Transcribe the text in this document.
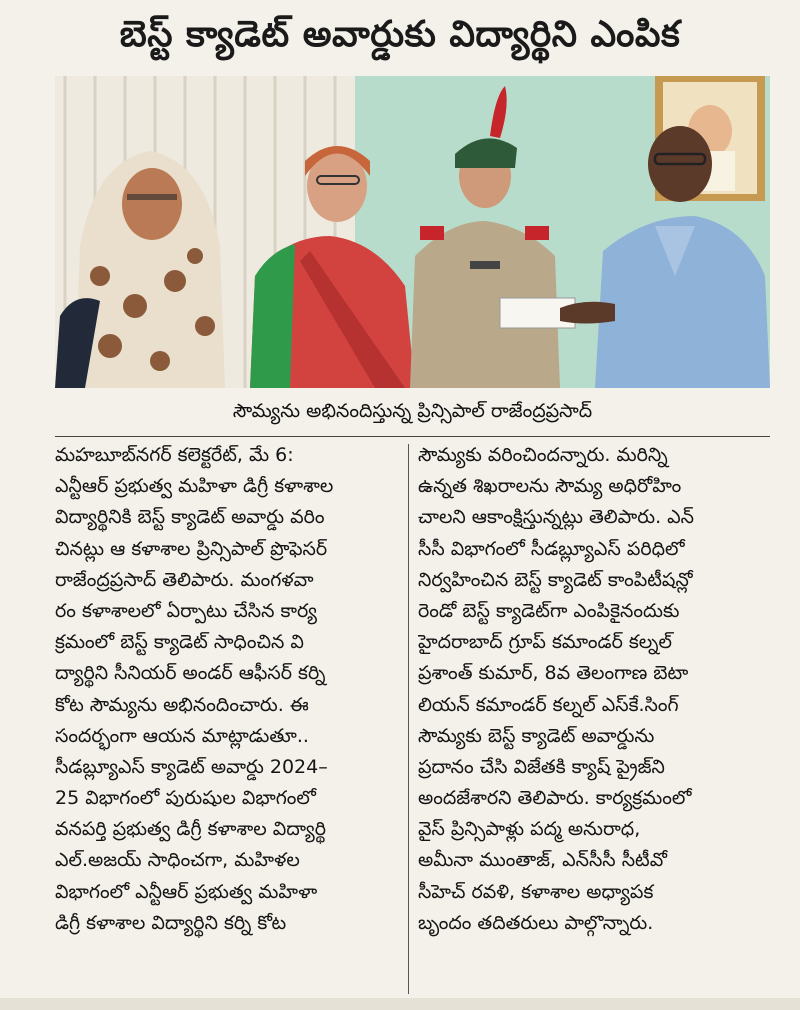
బెస్ట్ క్యాడెట్ అవార్డుకు విద్యార్థిని ఎంపిక
సౌమ్యను అభినందిస్తున్న ప్రిన్సిపాల్ రాజేంద్రప్రసాద్
మహబూబ్‌నగర్ కలెక్టరేట్, మే 6:
ఎన్టీఆర్ ప్రభుత్వ మహిళా డిగ్రీ కళాశాల
విద్యార్థినికి బెస్ట్ క్యాడెట్ అవార్డు వరిం
చినట్లు ఆ కళాశాల ప్రిన్సిపాల్ ప్రొఫెసర్
రాజేంద్రప్రసాద్ తెలిపారు. మంగళవా
రం కళాశాలలో ఏర్పాటు చేసిన కార్య
క్రమంలో బెస్ట్ క్యాడెట్ సాధించిన వి
ద్యార్థిని సీనియర్ అండర్ ఆఫీసర్ కర్ని
కోట సౌమ్యను అభినందించారు. ఈ
సందర్భంగా ఆయన మాట్లాడుతూ..
సీడబ్ల్యూఎస్ క్యాడెట్ అవార్డు 2024–
25 విభాగంలో పురుషుల విభాగంలో
వనపర్తి ప్రభుత్వ డిగ్రీ కళాశాల విద్యార్థి
ఎల్.అజయ్ సాధించగా, మహిళల
విభాగంలో ఎన్టీఆర్ ప్రభుత్వ మహిళా
డిగ్రీ కళాశాల విద్యార్థిని కర్ని కోట
సౌమ్యకు వరించిందన్నారు. మరిన్ని
ఉన్నత శిఖరాలను సౌమ్య అధిరోహిం
చాలని ఆకాంక్షిస్తున్నట్లు తెలిపారు. ఎన్
సీసీ విభాగంలో సీడబ్ల్యూఎస్ పరిధిలో
నిర్వహించిన బెస్ట్ క్యాడెట్ కాంపిటీషన్లో
రెండో బెస్ట్ క్యాడెట్‌గా ఎంపికైనందుకు
హైదరాబాద్ గ్రూప్ కమాండర్ కల్నల్
ప్రశాంత్ కుమార్, 8వ తెలంగాణ బెటా
లియన్ కమాండర్ కల్నల్ ఎస్‌కే.సింగ్
సౌమ్యకు బెస్ట్ క్యాడెట్ అవార్డును
ప్రదానం చేసి విజేతకి క్యాష్ ప్రైజ్‌ని
అందజేశారని తెలిపారు. కార్యక్రమంలో
వైస్ ప్రిన్సిపాళ్లు పద్మ అనురాధ,
అమీనా ముంతాజ్, ఎన్‌సీసీ సీటీవో
సీహెచ్ రవళి, కళాశాల అధ్యాపక
బృందం తదితరులు పాల్గొన్నారు.
